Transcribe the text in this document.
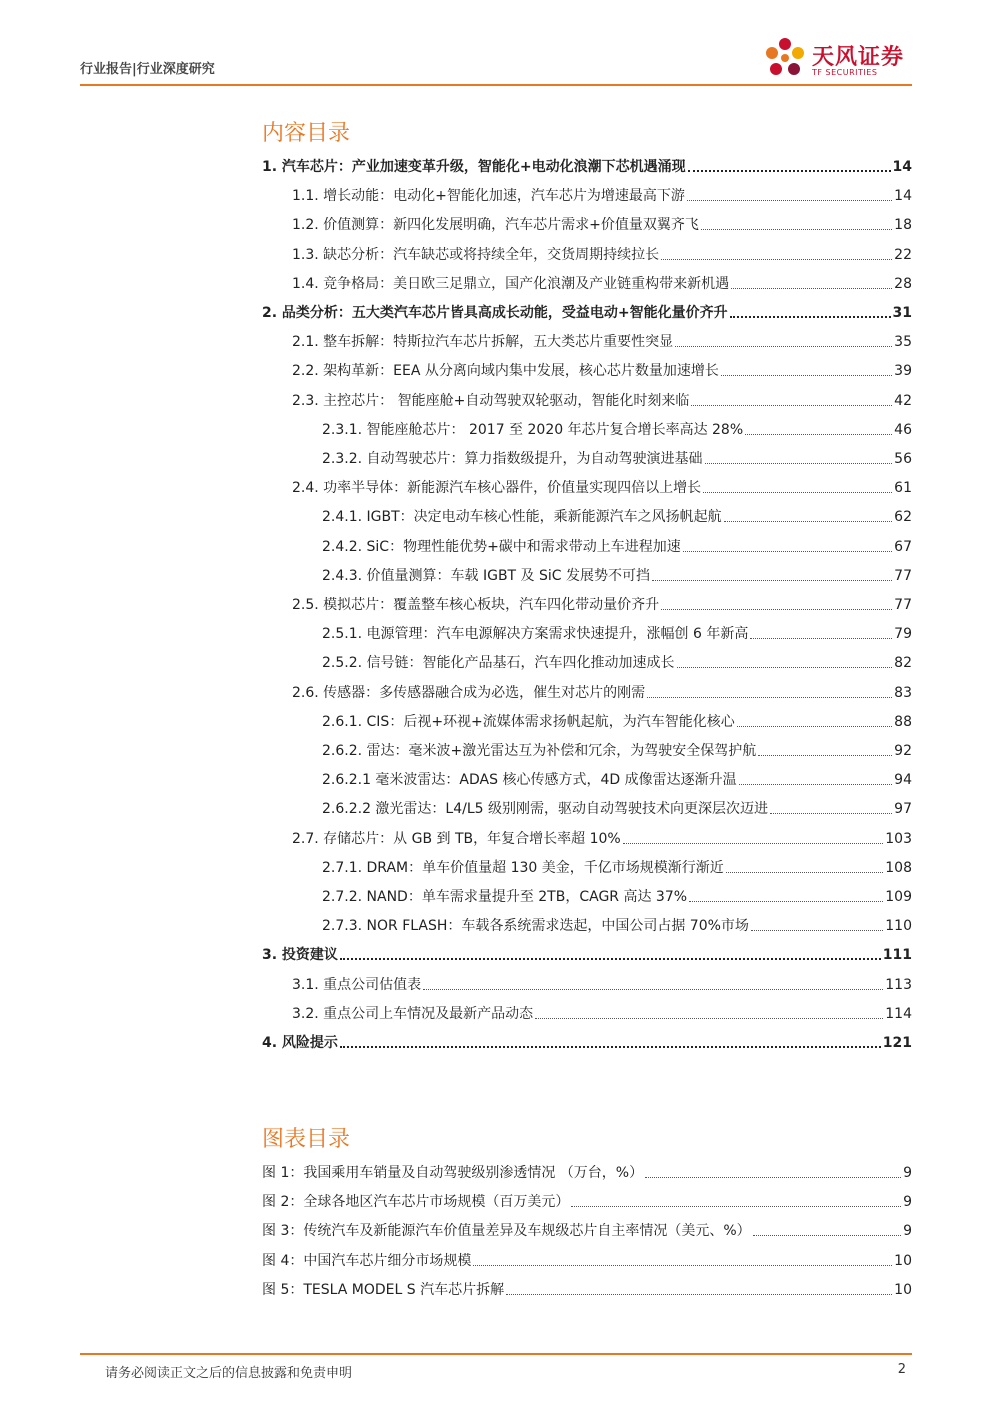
行业报告|行业深度研究	天风证券
TF SECURITIES
内容目录
1. 汽车芯片：产业加速变革升级，智能化+电动化浪潮下芯机遇涌现	14
1.1. 增长动能：电动化+智能化加速，汽车芯片为增速最高下游	14
1.2. 价值测算：新四化发展明确，汽车芯片需求+价值量双翼齐飞	18
1.3. 缺芯分析：汽车缺芯或将持续全年，交货周期持续拉长	22
1.4. 竞争格局：美日欧三足鼎立，国产化浪潮及产业链重构带来新机遇	28
2. 品类分析：五大类汽车芯片皆具高成长动能，受益电动+智能化量价齐升	31
2.1. 整车拆解：特斯拉汽车芯片拆解，五大类芯片重要性突显	35
2.2. 架构革新：EEA 从分离向域内集中发展，核心芯片数量加速增长	39
2.3. 主控芯片： 智能座舱+自动驾驶双轮驱动，智能化时刻来临	42
2.3.1. 智能座舱芯片： 2017 至 2020 年芯片复合增长率高达 28%	46
2.3.2. 自动驾驶芯片：算力指数级提升，为自动驾驶演进基础	56
2.4. 功率半导体：新能源汽车核心器件，价值量实现四倍以上增长	61
2.4.1. IGBT：决定电动车核心性能，乘新能源汽车之风扬帆起航	62
2.4.2. SiC：物理性能优势+碳中和需求带动上车进程加速	67
2.4.3. 价值量测算：车载 IGBT 及 SiC 发展势不可挡	77
2.5. 模拟芯片：覆盖整车核心板块，汽车四化带动量价齐升	77
2.5.1. 电源管理：汽车电源解决方案需求快速提升，涨幅创 6 年新高	79
2.5.2. 信号链：智能化产品基石，汽车四化推动加速成长	82
2.6. 传感器：多传感器融合成为必选，催生对芯片的刚需	83
2.6.1. CIS：后视+环视+流媒体需求扬帆起航，为汽车智能化核心	88
2.6.2. 雷达：毫米波+激光雷达互为补偿和冗余，为驾驶安全保驾护航	92
2.6.2.1 毫米波雷达：ADAS 核心传感方式，4D 成像雷达逐渐升温	94
2.6.2.2 激光雷达：L4/L5 级别刚需，驱动自动驾驶技术向更深层次迈进	97
2.7. 存储芯片：从 GB 到 TB，年复合增长率超 10%	103
2.7.1. DRAM：单车价值量超 130 美金，千亿市场规模渐行渐近	108
2.7.2. NAND：单车需求量提升至 2TB，CAGR 高达 37%	109
2.7.3. NOR FLASH：车载各系统需求迭起，中国公司占据 70%市场	110
3. 投资建议	111
3.1. 重点公司估值表	113
3.2. 重点公司上车情况及最新产品动态	114
4. 风险提示	121
图表目录
图 1：我国乘用车销量及自动驾驶级别渗透情况 （万台，%）	9
图 2：全球各地区汽车芯片市场规模（百万美元）	9
图 3：传统汽车及新能源汽车价值量差异及车规级芯片自主率情况（美元、%）	9
图 4：中国汽车芯片细分市场规模	10
图 5：TESLA MODEL S 汽车芯片拆解	10
请务必阅读正文之后的信息披露和免责申明	2
